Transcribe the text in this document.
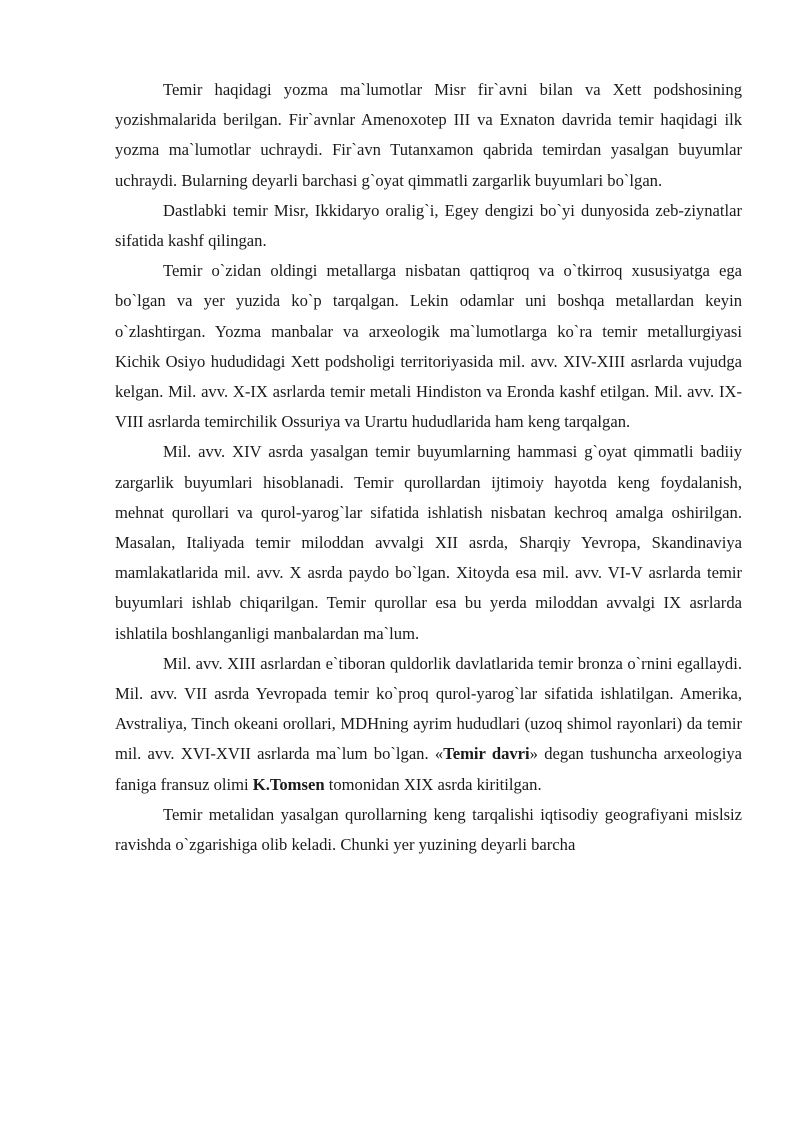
Temir haqidagi yozma ma`lumotlar Misr fir`avni bilan va Xett podshosining yozishmalarida berilgan. Fir`avnlar Amenoxotep III va Exnaton davrida temir haqidagi ilk yozma ma`lumotlar uchraydi. Fir`avn Tutanxamon qabrida temirdan yasalgan buyumlar uchraydi. Bularning deyarli barchasi g`oyat qimmatli zargarlik buyumlari bo`lgan.

Dastlabki temir Misr, Ikkidaryo oralig`i, Egey dengizi bo`yi dunyosida zeb-ziynatlar sifatida kashf qilingan.

Temir o`zidan oldingi metallarga nisbatan qattiqroq va o`tkirroq xususiyatga ega bo`lgan va yer yuzida ko`p tarqalgan. Lekin odamlar uni boshqa metallardan keyin o`zlashtirgan. Yozma manbalar va arxeologik ma`lumotlarga ko`ra temir metallurgiyasi Kichik Osiyo hududidagi Xett podsholigi territoriyasida mil. avv. XIV-XIII asrlarda vujudga kelgan. Mil. avv. X-IX asrlarda temir metali Hindiston va Eronda kashf etilgan. Mil. avv. IX-VIII asrlarda temirchilik Ossuriya va Urartu hududlarida ham keng tarqalgan.

Mil. avv. XIV asrda yasalgan temir buyumlarning hammasi g`oyat qimmatli badiiy zargarlik buyumlari hisoblanadi. Temir qurollardan ijtimoiy hayotda keng foydalanish, mehnat qurollari va qurol-yarog`lar sifatida ishlatish nisbatan kechroq amalga oshirilgan. Masalan, Italiyada temir miloddan avvalgi XII asrda, Sharqiy Yevropa, Skandinaviya mamlakatlarida mil. avv. X asrda paydo bo`lgan. Xitoyda esa mil. avv. VI-V asrlarda temir buyumlari ishlab chiqarilgan. Temir qurollar esa bu yerda miloddan avvalgi IX asrlarda ishlatila boshlanganligi manbalardan ma`lum.

Mil. avv. XIII asrlardan e`tiboran quldorlik davlatlarida temir bronza o`rnini egallaydi. Mil. avv. VII asrda Yevropada temir ko`proq qurol-yarog`lar sifatida ishlatilgan. Amerika, Avstraliya, Tinch okeani orollari, MDHning ayrim hududlari (uzoq shimol rayonlari) da temir mil. avv. XVI-XVII asrlarda ma`lum bo`lgan. «Temir davri» degan tushuncha arxeologiya faniga fransuz olimi K.Tomsen tomonidan XIX asrda kiritilgan.

Temir metalidan yasalgan qurollarning keng tarqalishi iqtisodiy geografiyani mislsiz ravishda o`zgarishiga olib keladi. Chunki yer yuzining deyarli barcha
